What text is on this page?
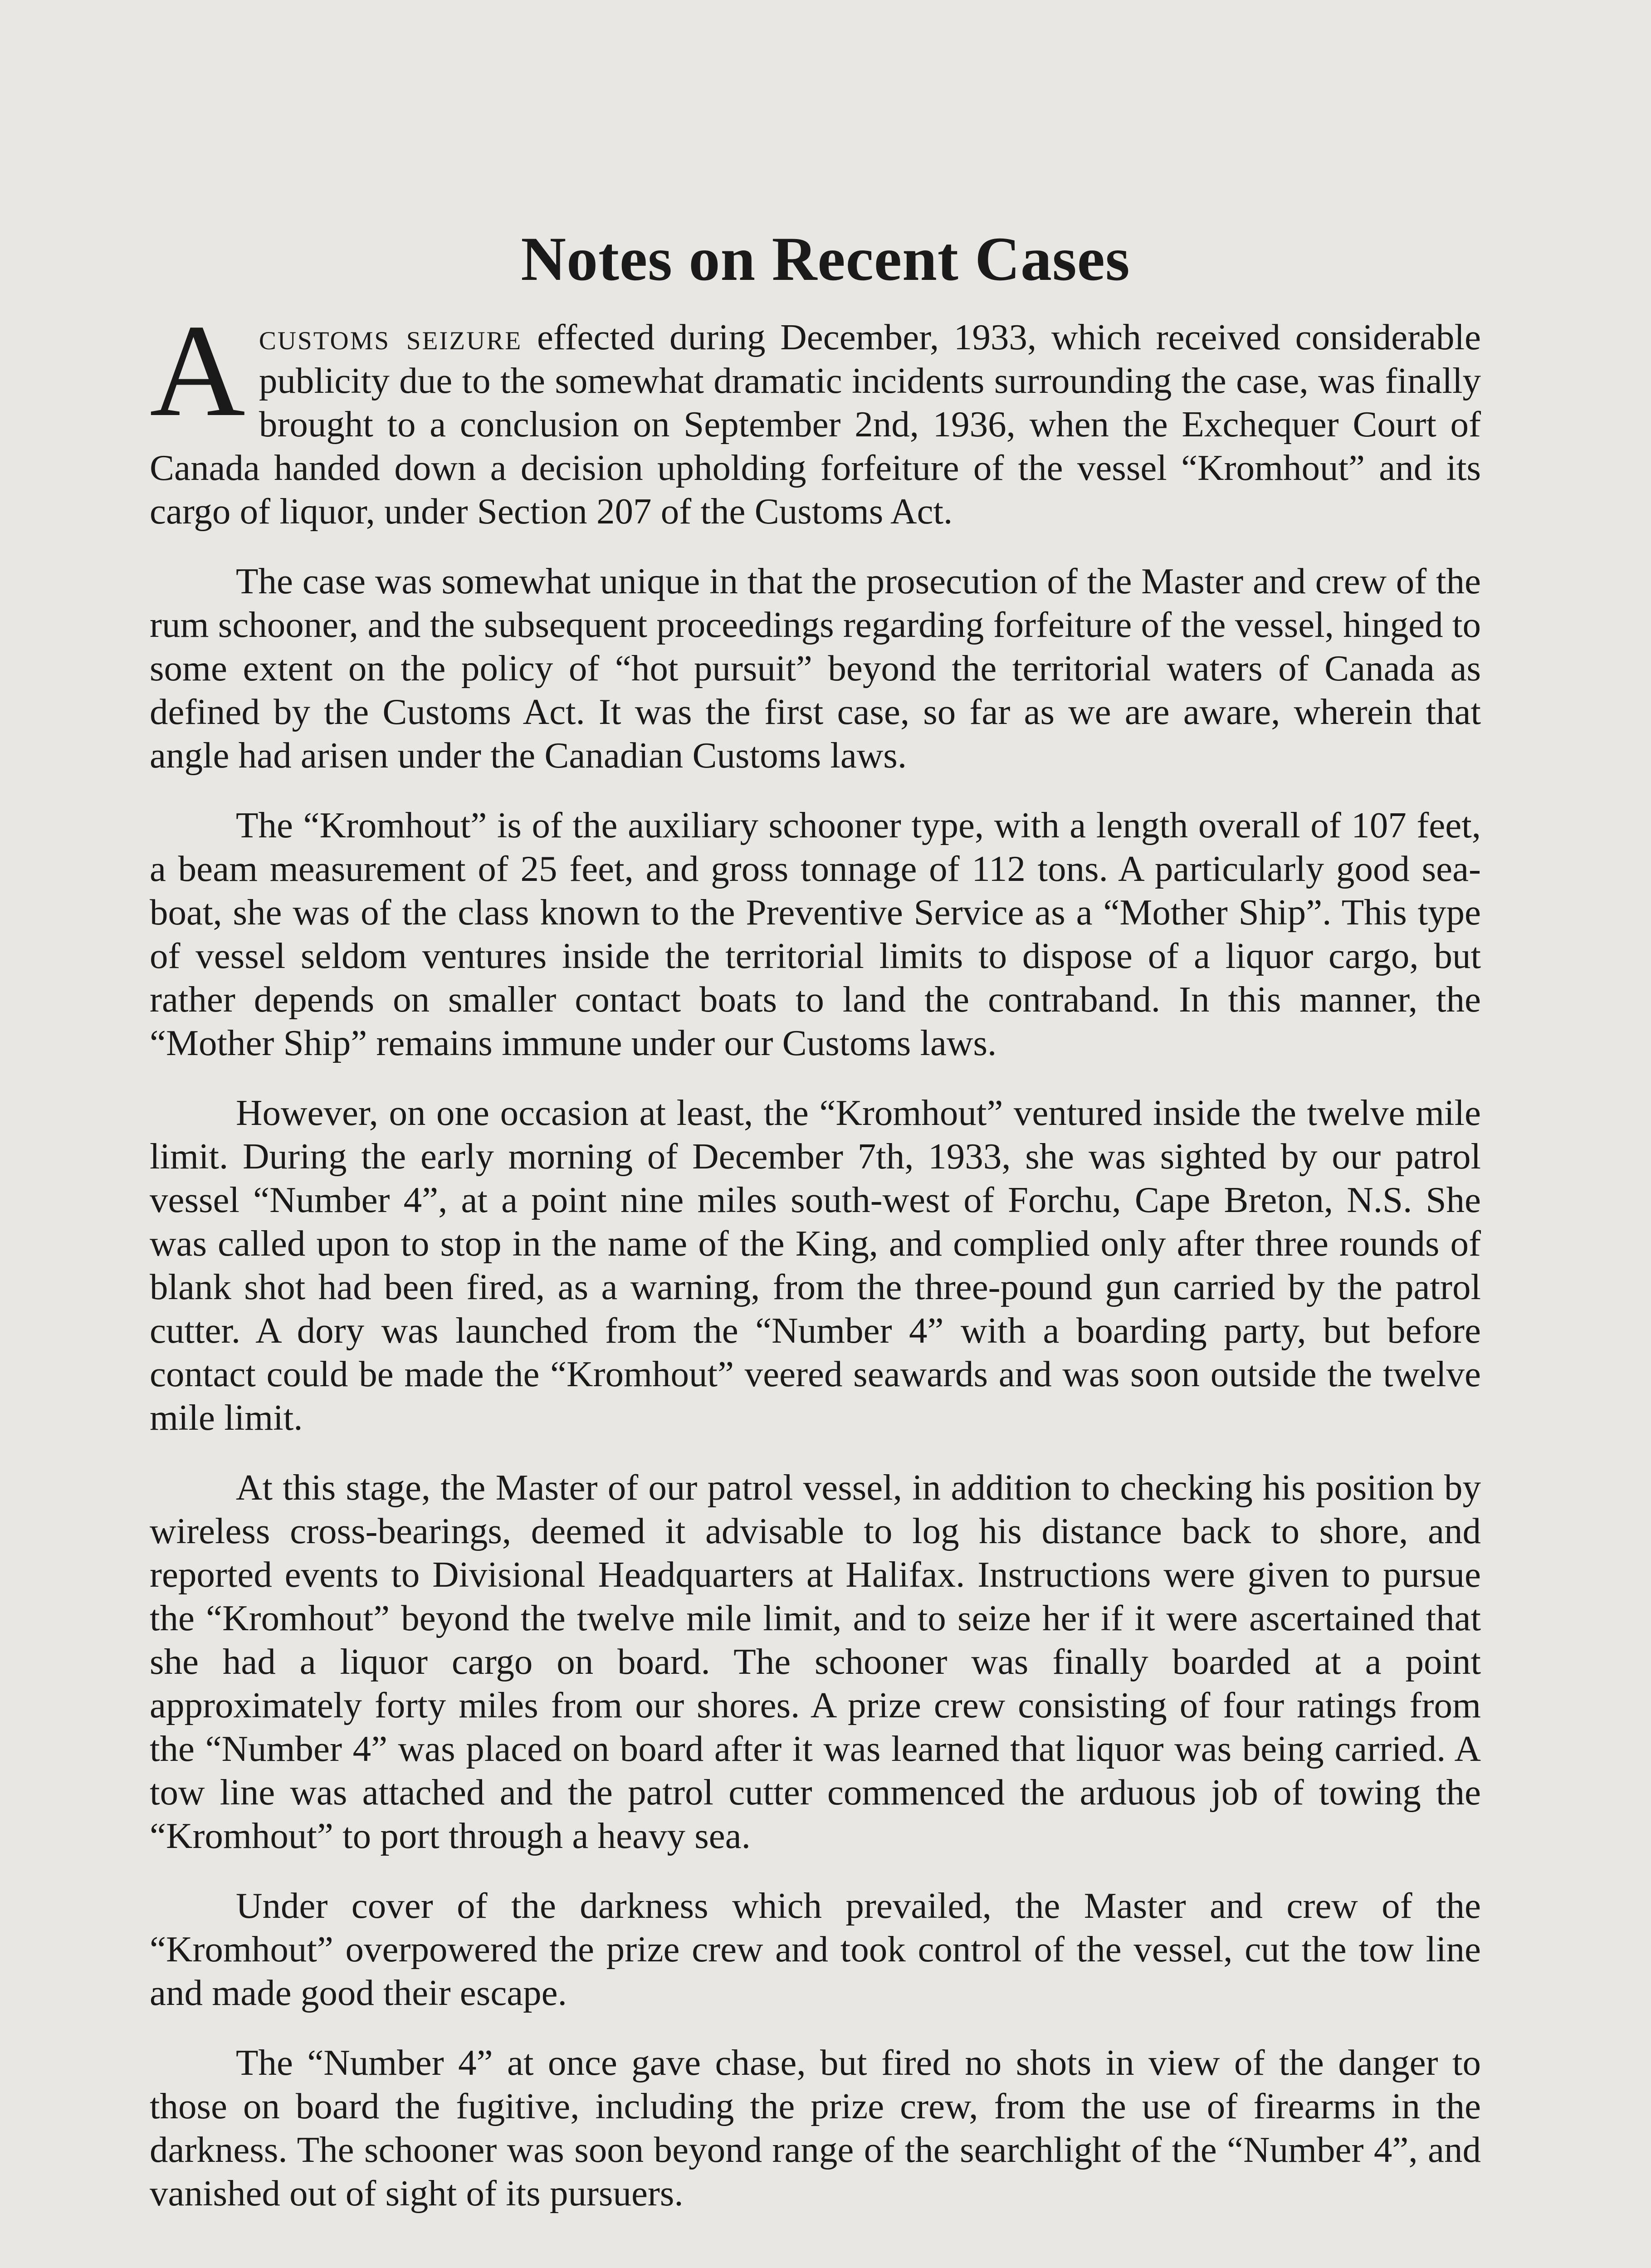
Notes on Recent Cases

Acustoms seizure effected during December, 1933, which received considerable publicity due to the somewhat dramatic incidents surrounding the case, was finally brought to a conclusion on September 2nd, 1936, when the Exchequer Court of Canada handed down a decision upholding forfeiture of the vessel “Kromhout” and its cargo of liquor, under Section 207 of the Customs Act.

The case was somewhat unique in that the prosecution of the Master and crew of the rum schooner, and the subsequent proceedings regarding forfeiture of the vessel, hinged to some extent on the policy of “hot pursuit” beyond the territorial waters of Canada as defined by the Customs Act. It was the first case, so far as we are aware, wherein that angle had arisen under the Canadian Customs laws.

The “Kromhout” is of the auxiliary schooner type, with a length overall of 107 feet, a beam measurement of 25 feet, and gross tonnage of 112 tons. A particularly good sea-boat, she was of the class known to the Preventive Service as a “Mother Ship”. This type of vessel seldom ventures inside the territorial limits to dispose of a liquor cargo, but rather depends on smaller contact boats to land the contraband. In this manner, the “Mother Ship” remains immune under our Customs laws.

However, on one occasion at least, the “Kromhout” ventured inside the twelve mile limit. During the early morning of December 7th, 1933, she was sighted by our patrol vessel “Number 4”, at a point nine miles south-west of Forchu, Cape Breton, N.S. She was called upon to stop in the name of the King, and complied only after three rounds of blank shot had been fired, as a warning, from the three-pound gun carried by the patrol cutter. A dory was launched from the “Number 4” with a boarding party, but before contact could be made the “Kromhout” veered seawards and was soon outside the twelve mile limit.

At this stage, the Master of our patrol vessel, in addition to checking his position by wireless cross-bearings, deemed it advisable to log his distance back to shore, and reported events to Divisional Headquarters at Halifax. Instructions were given to pursue the “Kromhout” beyond the twelve mile limit, and to seize her if it were ascertained that she had a liquor cargo on board. The schooner was finally boarded at a point approximately forty miles from our shores. A prize crew consisting of four ratings from the “Number 4” was placed on board after it was learned that liquor was being carried. A tow line was attached and the patrol cutter commenced the arduous job of towing the “Kromhout” to port through a heavy sea.

Under cover of the darkness which prevailed, the Master and crew of the “Kromhout” overpowered the prize crew and took control of the vessel, cut the tow line and made good their escape.

The “Number 4” at once gave chase, but fired no shots in view of the danger to those on board the fugitive, including the prize crew, from the use of firearms in the darkness. The schooner was soon beyond range of the searchlight of the “Number 4”, and vanished out of sight of its pursuers.
